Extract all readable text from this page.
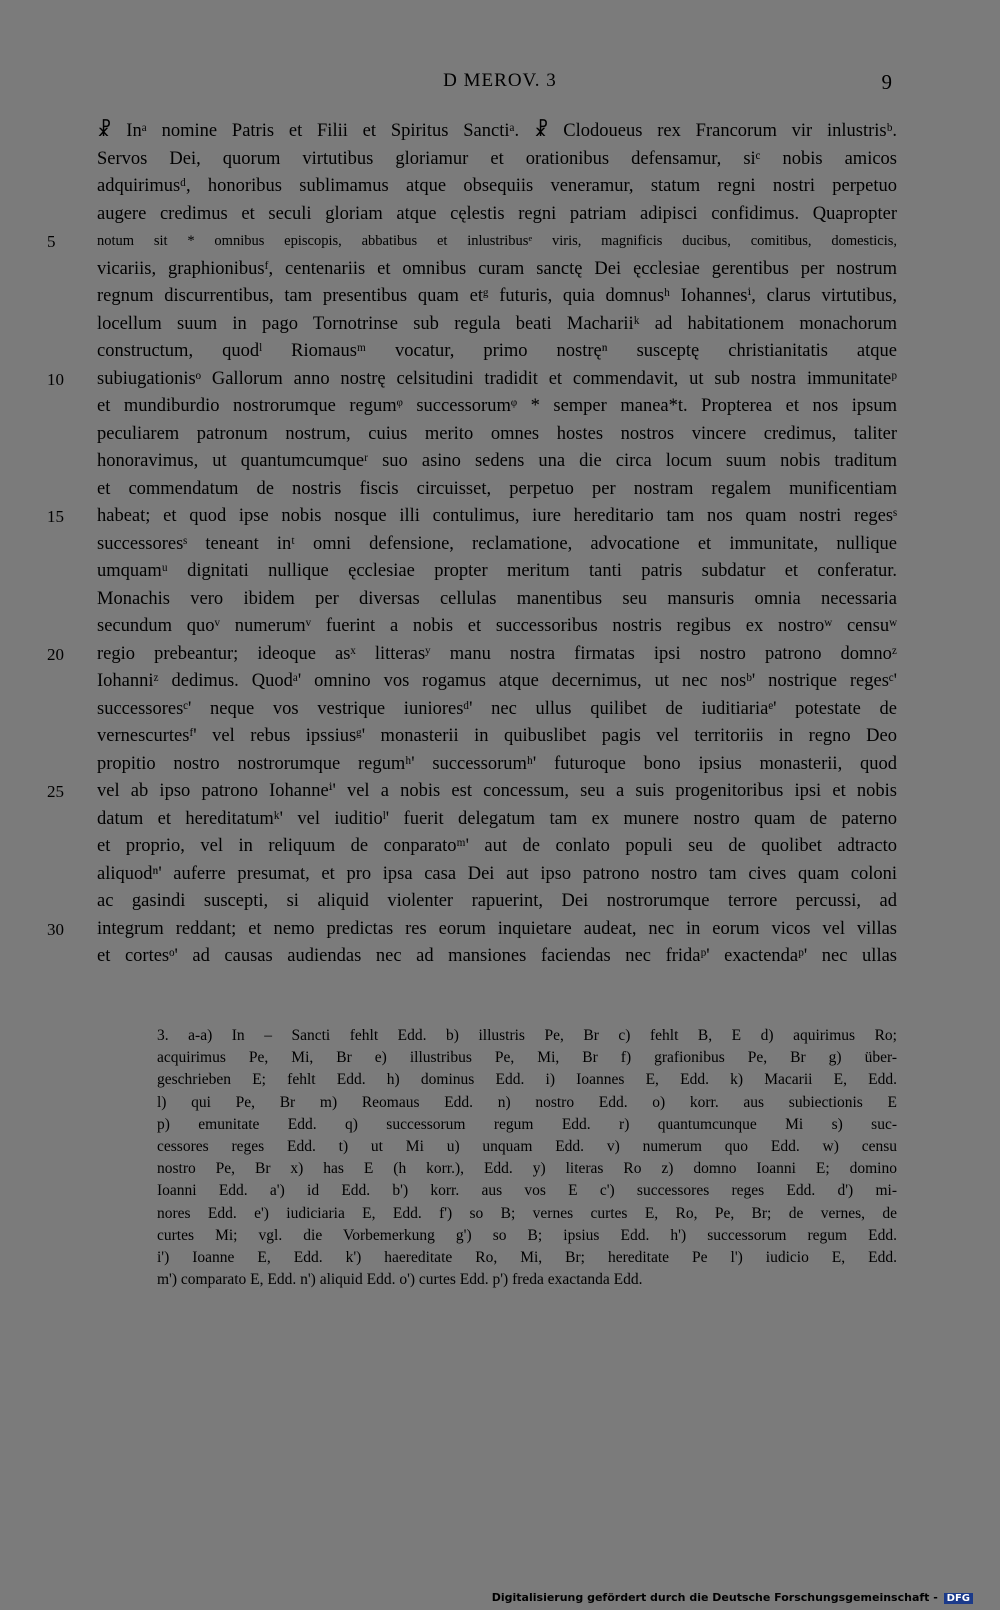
D MEROV. 3	9
☧ Inᵃ nomine Patris et Filii et Spiritus Sanctiᵃ. ☧ Clodoueus rex Francorum vir inlustrisᵇ.
Servos Dei, quorum virtutibus gloriamur et orationibus defensamur, siᶜ nobis amicos
adquirimusᵈ, honoribus sublimamus atque obsequiis veneramur, statum regni nostri perpetuo
augere credimus et seculi gloriam atque cęlestis regni patriam adipisci confidimus. Quapropter
5	notum sit * omnibus episcopis, abbatibus et inlustribusᵉ viris, magnificis ducibus, comitibus, domesticis,
vicariis, graphionibusᶠ, centenariis et omnibus curam sanctę Dei ęcclesiae gerentibus per nostrum
regnum discurrentibus, tam presentibus quam etᵍ futuris, quia domnusʰ Iohannesⁱ, clarus virtutibus,
locellum suum in pago Tornotrinse sub regula beati Machariiᵏ ad habitationem monachorum
constructum, quodˡ Riomausᵐ vocatur, primo nostręⁿ susceptę christianitatis atque
10	subiugationisᵒ Gallorum anno nostrę celsitudini tradidit et commendavit, ut sub nostra immunitateᵖ
et mundiburdio nostrorumque regumᵠ successorumᵠ * semper manea*t. Propterea et nos ipsum
peculiarem patronum nostrum, cuius merito omnes hostes nostros vincere credimus, taliter
honoravimus, ut quantumcumqueʳ suo asino sedens una die circa locum suum nobis traditum
et commendatum de nostris fiscis circuisset, perpetuo per nostram regalem munificentiam
15	habeat; et quod ipse nobis nosque illi contulimus, iure hereditario tam nos quam nostri regesˢ
successoresˢ teneant inᵗ omni defensione, reclamatione, advocatione et immunitate, nullique
umquamᵘ dignitati nullique ęcclesiae propter meritum tanti patris subdatur et conferatur.
Monachis vero ibidem per diversas cellulas manentibus seu mansuris omnia necessaria
secundum quoᵛ numerumᵛ fuerint a nobis et successoribus nostris regibus ex nostroʷ censuʷ
20	regio prebeantur; ideoque asˣ litterasʸ manu nostra firmatas ipsi nostro patrono domnoᶻ
Iohanniᶻ dedimus. Quodᵃ' omnino vos rogamus atque decernimus, ut nec nosᵇ' nostrique regesᶜ'
successoresᶜ' neque vos vestrique iunioresᵈ' nec ullus quilibet de iuditiariaᵉ' potestate de
vernescurtesᶠ' vel rebus ipssiusᵍ' monasterii in quibuslibet pagis vel territoriis in regno Deo
propitio nostro nostrorumque regumʰ' successorumʰ' futuroque bono ipsius monasterii, quod
25	vel ab ipso patrono Iohanneⁱ' vel a nobis est concessum, seu a suis progenitoribus ipsi et nobis
datum et hereditatumᵏ' vel iuditioˡ' fuerit delegatum tam ex munere nostro quam de paterno
et proprio, vel in reliquum de conparatoᵐ' aut de conlato populi seu de quolibet adtracto
aliquodⁿ' auferre presumat, et pro ipsa casa Dei aut ipso patrono nostro tam cives quam coloni
ac gasindi suscepti, si aliquid violenter rapuerint, Dei nostrorumque terrore percussi, ad
30	integrum reddant; et nemo predictas res eorum inquietare audeat, nec in eorum vicos vel villas
et cortesᵒ' ad causas audiendas nec ad mansiones faciendas nec fridaᵖ' exactendaᵖ' nec ullas
3. a-a) In – Sancti fehlt Edd. b) illustris Pe, Br c) fehlt B, E d) aquirimus Ro;
acquirimus Pe, Mi, Br e) illustribus Pe, Mi, Br f) grafionibus Pe, Br g) über-
geschrieben E; fehlt Edd. h) dominus Edd. i) Ioannes E, Edd. k) Macarii E, Edd.
l) qui Pe, Br m) Reomaus Edd. n) nostro Edd. o) korr. aus subiectionis E
p) emunitate Edd. q) successorum regum Edd. r) quantumcunque Mi s) suc-
cessores reges Edd. t) ut Mi u) unquam Edd. v) numerum quo Edd. w) censu
nostro Pe, Br x) has E (h korr.), Edd. y) literas Ro z) domno Ioanni E; domino
Ioanni Edd. a') id Edd. b') korr. aus vos E c') successores reges Edd. d') mi-
nores Edd. e') iudiciaria E, Edd. f') so B; vernes curtes E, Ro, Pe, Br; de vernes, de
curtes Mi; vgl. die Vorbemerkung g') so B; ipsius Edd. h') successorum regum Edd.
i') Ioanne E, Edd. k') haereditate Ro, Mi, Br; hereditate Pe l') iudicio E, Edd.
m') comparato E, Edd. n') aliquid Edd. o') curtes Edd. p') freda exactanda Edd.
Digitalisierung gefördert durch die Deutsche Forschungsgemeinschaft - DFG
